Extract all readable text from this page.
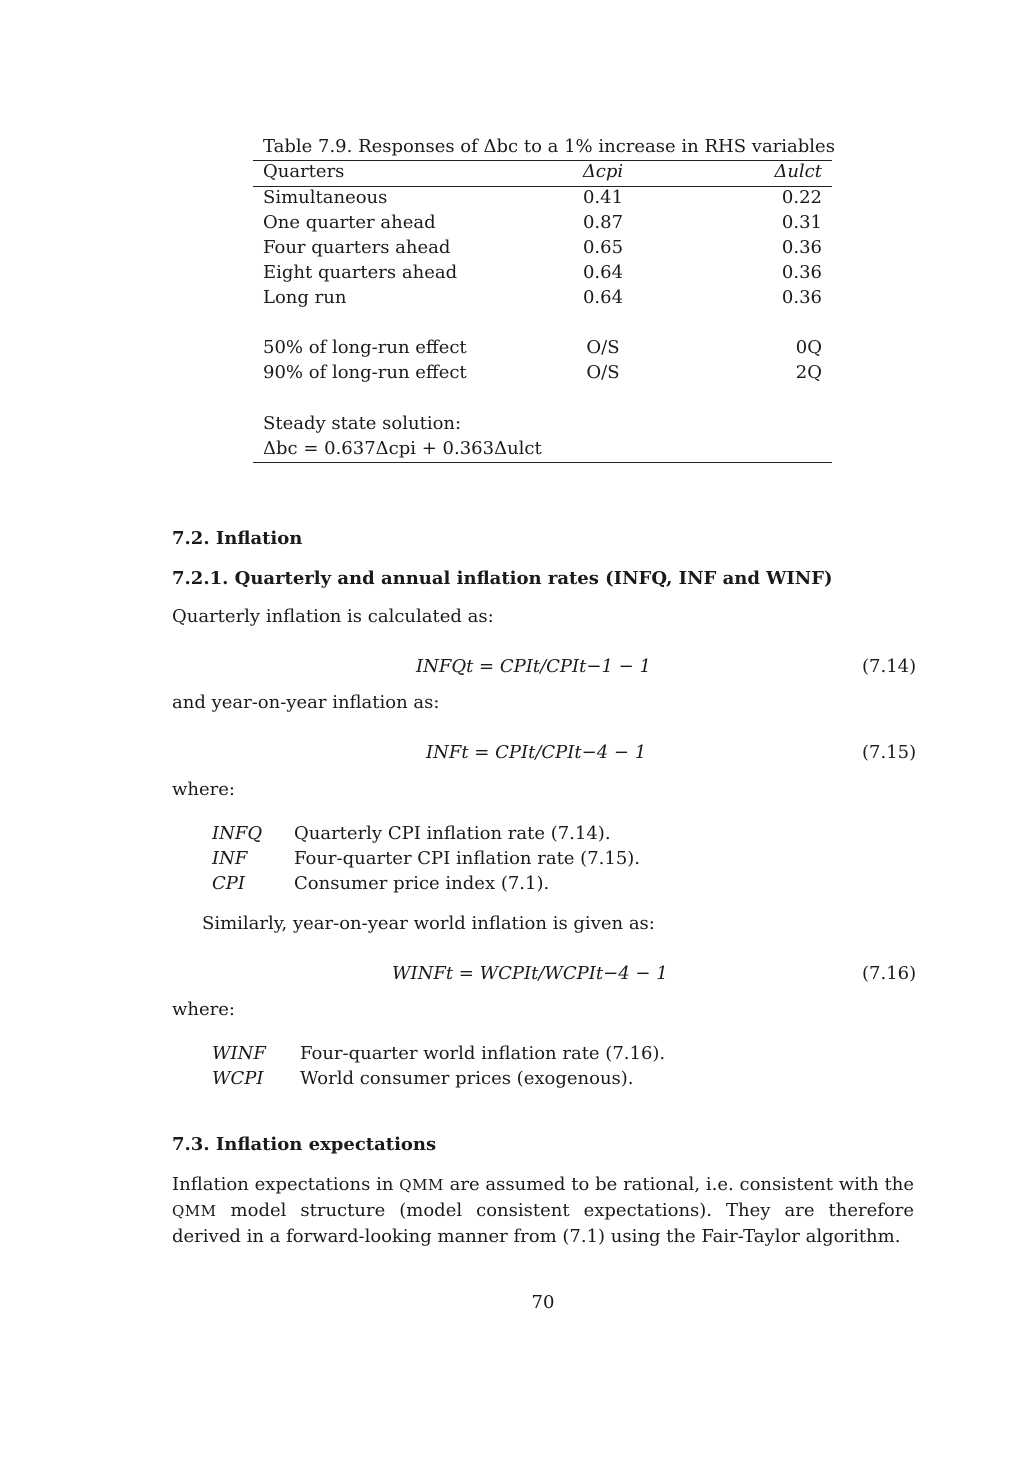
Table 7.9. Responses of Δbc to a 1% increase in RHS variables
Quarters	Δcpi	Δulct
Simultaneous	0.41	0.22
One quarter ahead	0.87	0.31
Four quarters ahead	0.65	0.36
Eight quarters ahead	0.64	0.36
Long run	0.64	0.36
50% of long-run effect	O/S	0Q
90% of long-run effect	O/S	2Q
Steady state solution:
Δbc = 0.637Δcpi + 0.363Δulct
7.2. Inflation
7.2.1. Quarterly and annual inflation rates (INFQ, INF and WINF)
Quarterly inflation is calculated as:
INFQt = CPIt/CPIt−1 − 1	(7.14)
and year-on-year inflation as:
INFt = CPIt/CPIt−4 − 1	(7.15)
where:
INFQ Quarterly CPI inflation rate (7.14).
INF	Four-quarter CPI inflation rate (7.15).
CPI	Consumer price index (7.1).
Similarly, year-on-year world inflation is given as:
WINFt = WCPIt/WCPIt−4 − 1	(7.16)
where:
WINF Four-quarter world inflation rate (7.16).
WCPI World consumer prices (exogenous).
7.3. Inflation expectations
Inflation expectations in QMM are assumed to be rational, i.e. consistent with the QMM model structure (model consistent expectations). They are therefore derived in a forward-looking manner from (7.1) using the Fair-Taylor algorithm.
70
